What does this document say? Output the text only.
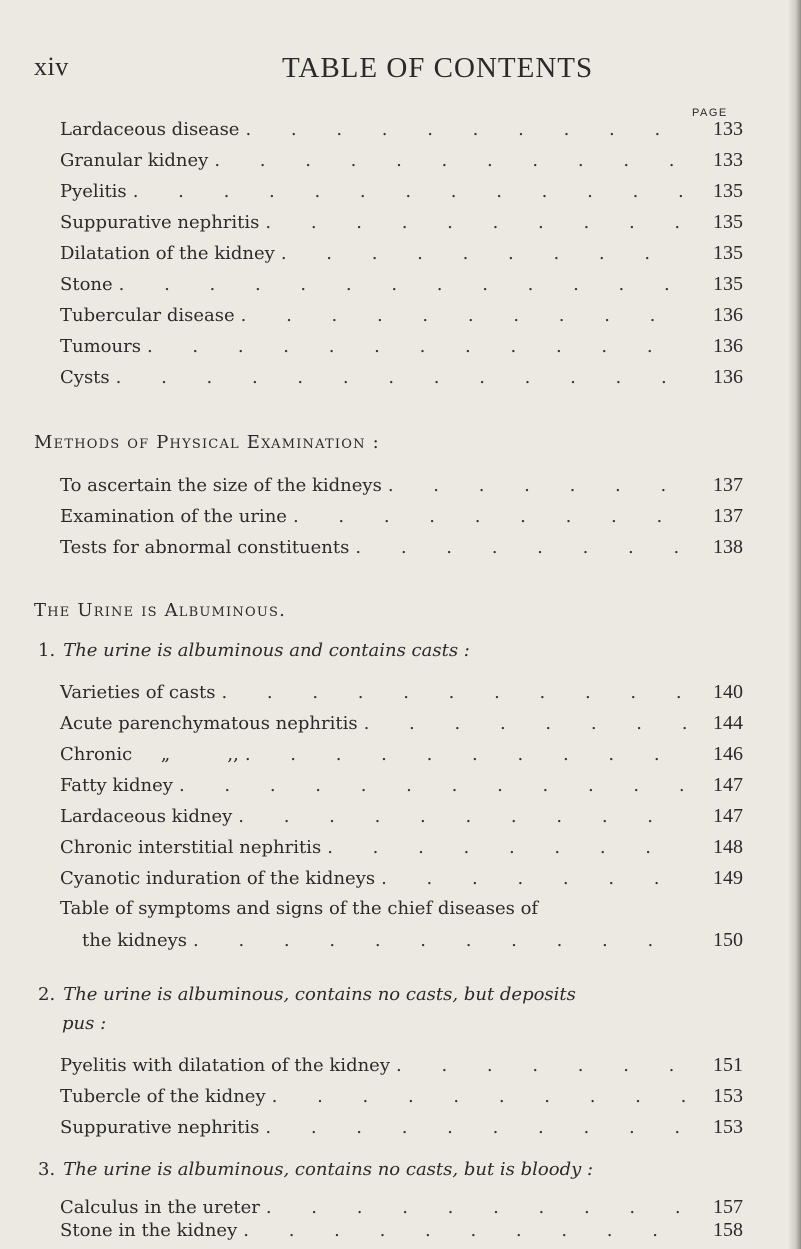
xiv	TABLE OF CONTENTS
PAGE
Lardaceous disease . . .	133
Granular kidney . . .	133
Pyelitis . . .	135
Suppurative nephritis . . .	135
Dilatation of the kidney . . .	135
Stone . . .	135
Tubercular disease . . .	136
Tumours . . .	136
Cysts . . .	136
Methods of Physical Examination :
To ascertain the size of the kidneys . . .	137
Examination of the urine . . .	137
Tests for abnormal constituents . . .	138
The Urine is Albuminous.
1. The urine is albuminous and contains casts :
Varieties of casts . . .	140
Acute parenchymatous nephritis . . .	144
Chronic     „          ,, . . .	146
Fatty kidney . . .	147
Lardaceous kidney . . .	147
Chronic interstitial nephritis . . .	148
Cyanotic induration of the kidneys . . .	149
Table of symptoms and signs of the chief diseases of
the kidneys . . .	150
2. The urine is albuminous, contains no casts, but deposits
pus :
Pyelitis with dilatation of the kidney . . .	151
Tubercle of the kidney . . .	153
Suppurative nephritis . . .	153
3. The urine is albuminous, contains no casts, but is bloody :
Calculus in the ureter . . .	157
Stone in the kidney . . .	158
